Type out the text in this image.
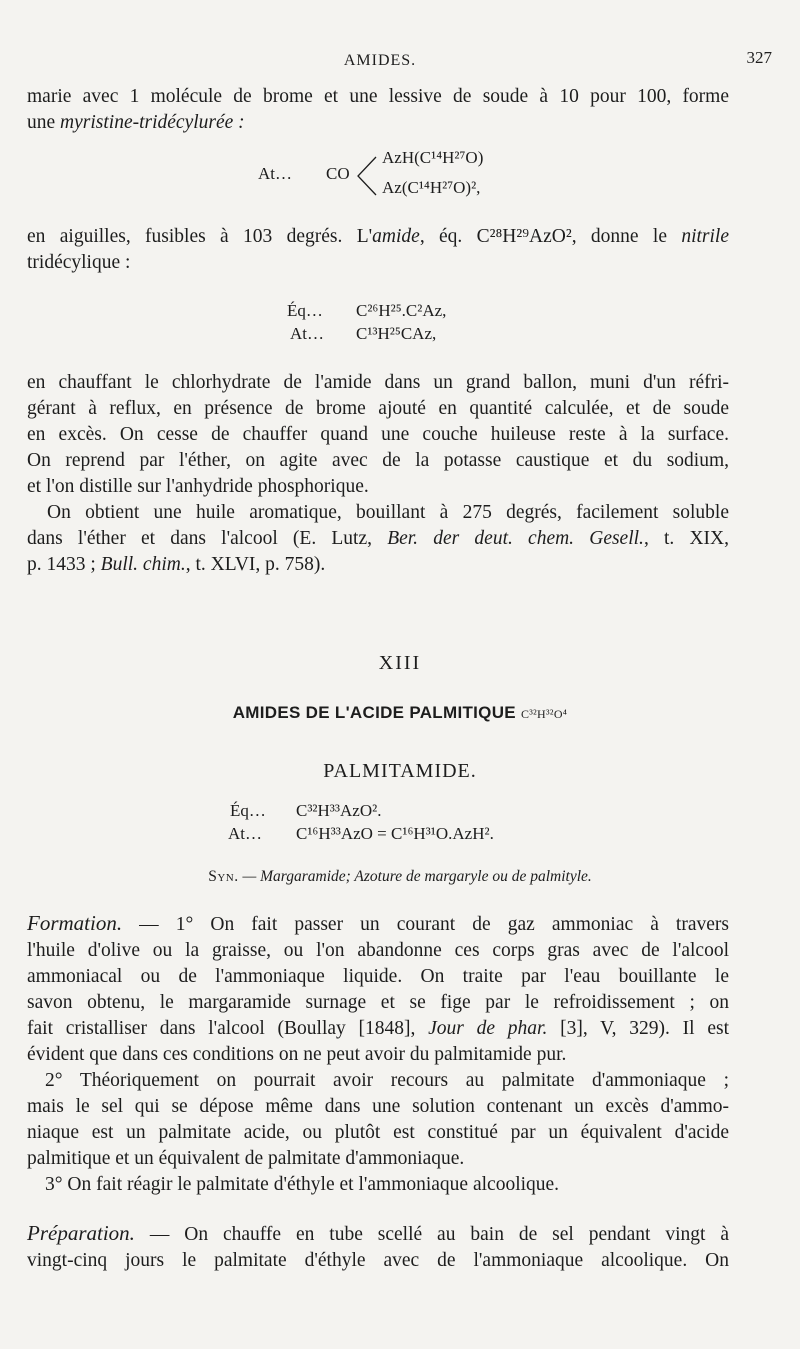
AMIDES.	327
marie avec 1 molécule de brome et une lessive de soude à 10 pour 100, forme
une myristine-tridécylurée :
At… CO
AzH(C¹⁴H²⁷O)
Az(C¹⁴H²⁷O)²,
en aiguilles, fusibles à 103 degrés. L'amide, éq. C²⁸H²⁹AzO², donne le nitrile
tridécylique :
Éq… C²⁶H²⁵.C²Az,
At… C¹³H²⁵CAz,
en chauffant le chlorhydrate de l'amide dans un grand ballon, muni d'un réfri-
gérant à reflux, en présence de brome ajouté en quantité calculée, et de soude
en excès. On cesse de chauffer quand une couche huileuse reste à la surface.
On reprend par l'éther, on agite avec de la potasse caustique et du sodium,
et l'on distille sur l'anhydride phosphorique.
On obtient une huile aromatique, bouillant à 275 degrés, facilement soluble
dans l'éther et dans l'alcool (E. Lutz, Ber. der deut. chem. Gesell., t. XIX,
p. 1433 ; Bull. chim., t. XLVI, p. 758).
XIII
AMIDES DE L'ACIDE PALMITIQUE C³²H³²O⁴
PALMITAMIDE.
Éq… C³²H³³AzO².
At… C¹⁶H³³AzO = C¹⁶H³¹O.AzH².
Syn. — Margaramide; Azoture de margaryle ou de palmityle.
Formation. — 1° On fait passer un courant de gaz ammoniac à travers
l'huile d'olive ou la graisse, ou l'on abandonne ces corps gras avec de l'alcool
ammoniacal ou de l'ammoniaque liquide. On traite par l'eau bouillante le
savon obtenu, le margaramide surnage et se fige par le refroidissement ; on
fait cristalliser dans l'alcool (Boullay [1848], Jour de phar. [3], V, 329). Il est
évident que dans ces conditions on ne peut avoir du palmitamide pur.
2° Théoriquement on pourrait avoir recours au palmitate d'ammoniaque ;
mais le sel qui se dépose même dans une solution contenant un excès d'ammo-
niaque est un palmitate acide, ou plutôt est constitué par un équivalent d'acide
palmitique et un équivalent de palmitate d'ammoniaque.
3° On fait réagir le palmitate d'éthyle et l'ammoniaque alcoolique.
Préparation. — On chauffe en tube scellé au bain de sel pendant vingt à
vingt-cinq jours le palmitate d'éthyle avec de l'ammoniaque alcoolique. On
